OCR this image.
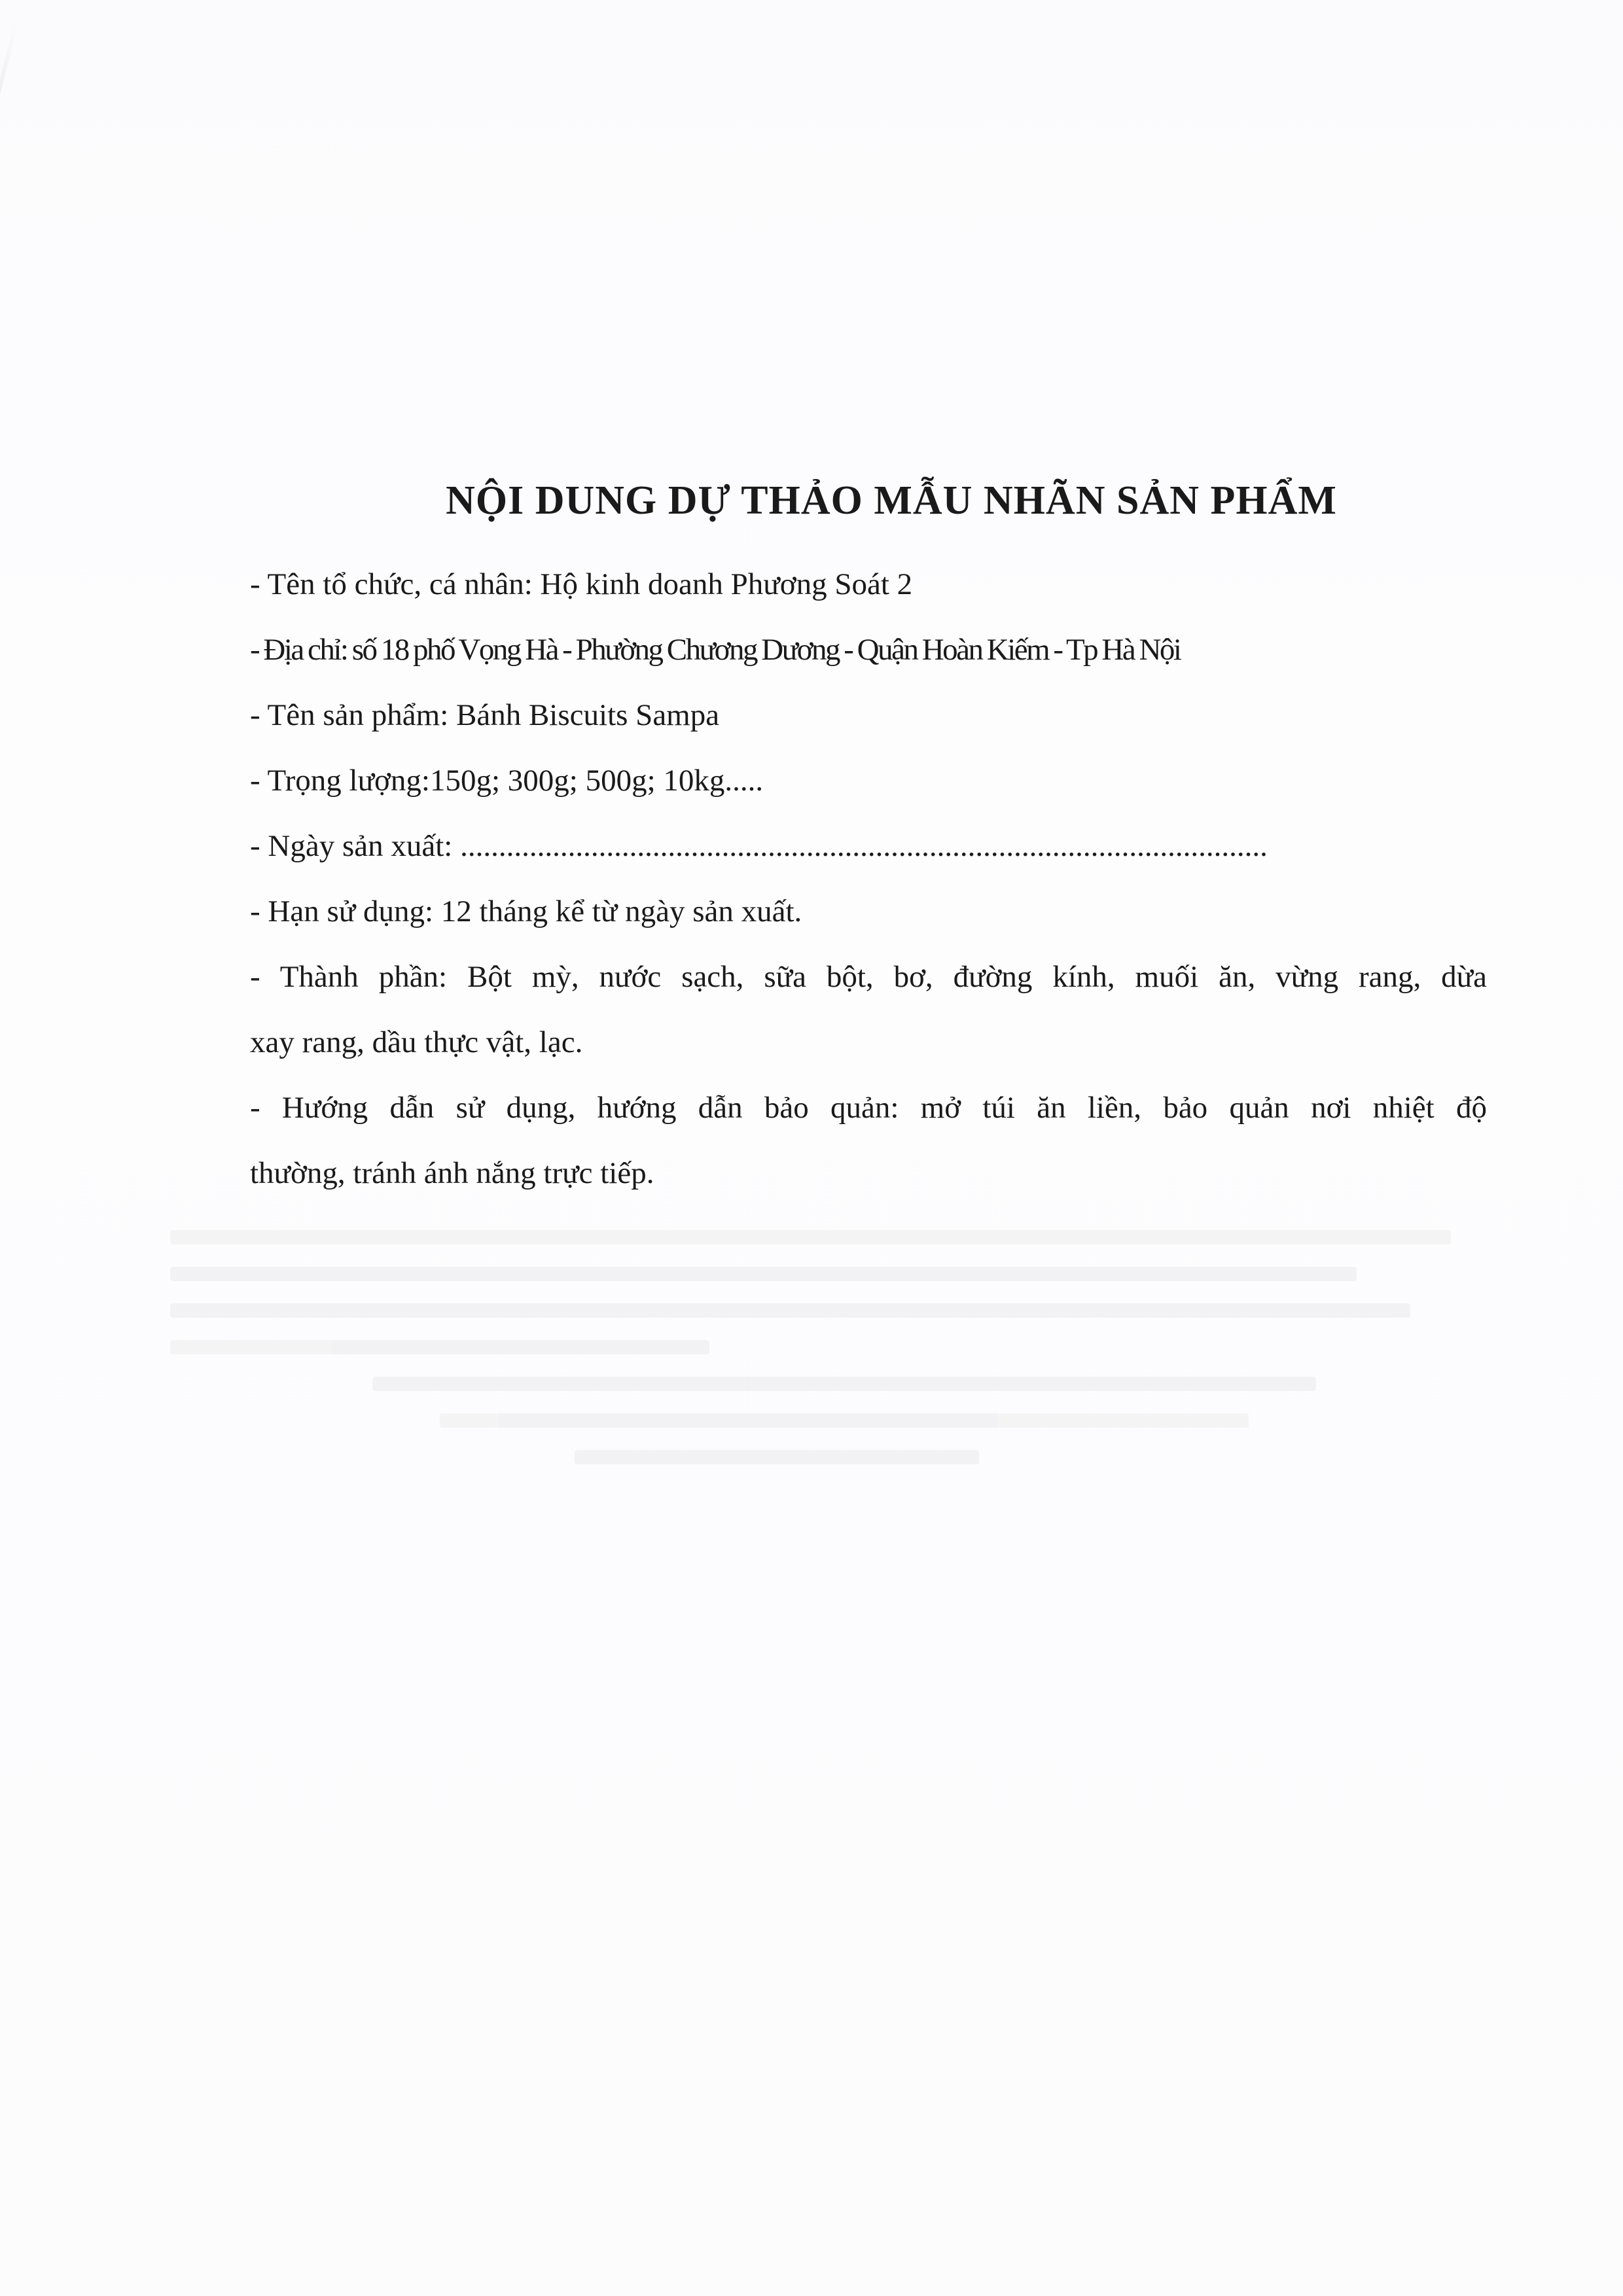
NỘI DUNG DỰ THẢO MẪU NHÃN SẢN PHẨM

- Tên tổ chức, cá nhân: Hộ kinh doanh Phương Soát 2

- Địa chỉ: số 18 phố Vọng Hà - Phường Chương Dương - Quận Hoàn Kiếm - Tp Hà Nội

- Tên sản phẩm: Bánh Biscuits Sampa

- Trọng lượng:150g; 300g; 500g; 10kg.....

- Ngày sản xuất: .........................................................................................................

- Hạn sử dụng: 12 tháng kể từ ngày sản xuất.

- Thành phần: Bột mỳ, nước sạch, sữa bột, bơ, đường kính, muối ăn, vừng rang, dừa

xay rang, dầu thực vật, lạc.

- Hướng dẫn sử dụng, hướng dẫn bảo quản: mở túi ăn liền, bảo quản nơi nhiệt độ

thường, tránh ánh nắng trực tiếp.
